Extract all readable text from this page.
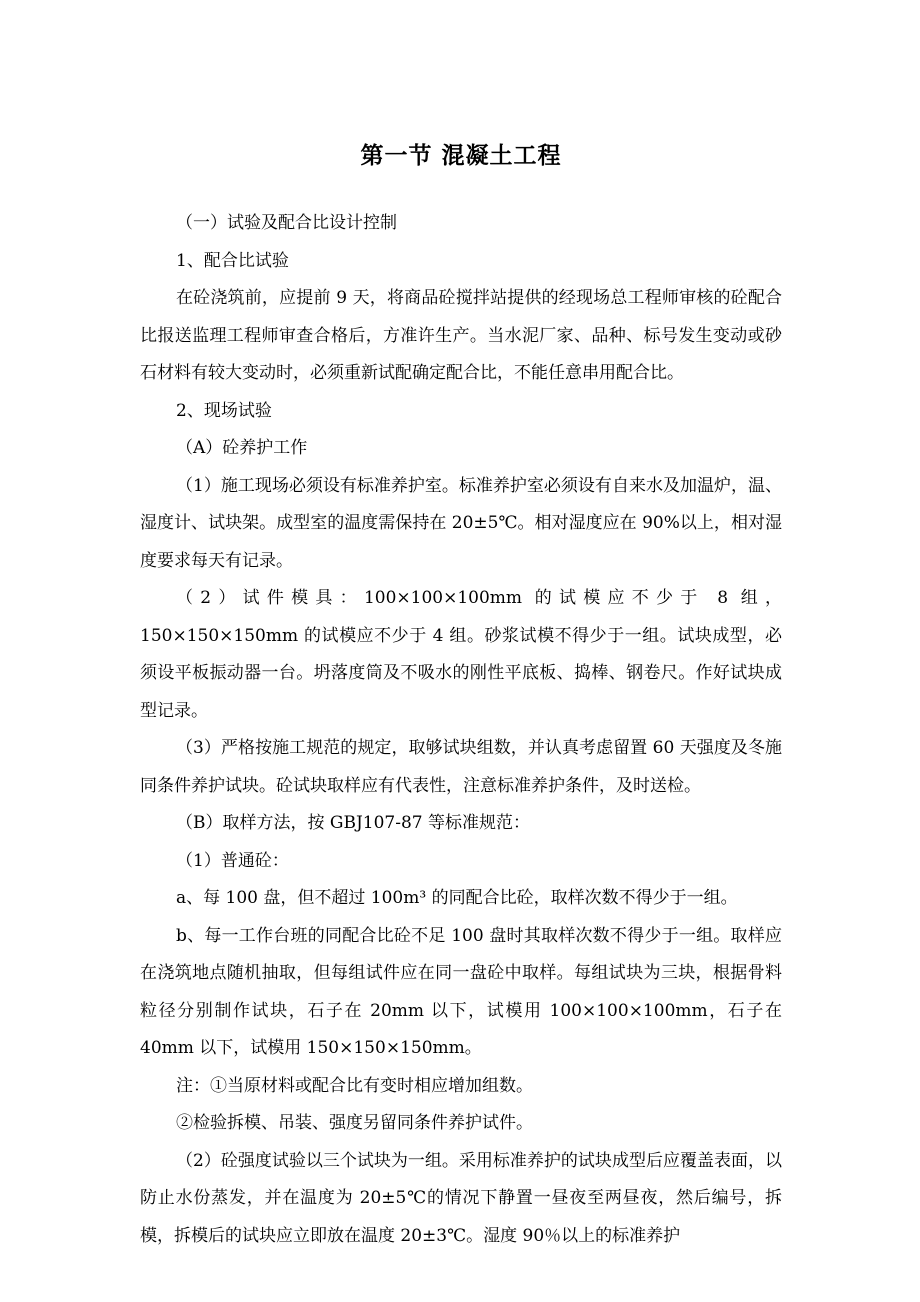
第一节 混凝土工程

（一）试验及配合比设计控制

1、配合比试验

在砼浇筑前，应提前 9 天，将商品砼搅拌站提供的经现场总工程师审核的砼配合比报送监理工程师审查合格后，方准许生产。当水泥厂家、品种、标号发生变动或砂石材料有较大变动时，必须重新试配确定配合比，不能任意串用配合比。

2、现场试验

（A）砼养护工作

（1）施工现场必须设有标准养护室。标准养护室必须设有自来水及加温炉，温、湿度计、试块架。成型室的温度需保持在 20±5℃。相对湿度应在 90%以上，相对湿度要求每天有记录。

（2）试件模具：100×100×100mm 的试模应不少于 8 组，150×150×150mm 的试模应不少于 4 组。砂浆试模不得少于一组。试块成型，必须设平板振动器一台。坍落度筒及不吸水的刚性平底板、捣棒、钢卷尺。作好试块成型记录。

（3）严格按施工规范的规定，取够试块组数，并认真考虑留置 60 天强度及冬施同条件养护试块。砼试块取样应有代表性，注意标准养护条件，及时送检。

（B）取样方法，按 GBJ107-87 等标准规范：

（1）普通砼：

a、每 100 盘，但不超过 100m³ 的同配合比砼，取样次数不得少于一组。

b、每一工作台班的同配合比砼不足 100 盘时其取样次数不得少于一组。取样应在浇筑地点随机抽取，但每组试件应在同一盘砼中取样。每组试块为三块，根据骨料粒径分别制作试块，石子在 20mm 以下，试模用 100×100×100mm，石子在 40mm 以下，试模用 150×150×150mm。

注：①当原材料或配合比有变时相应增加组数。

②检验拆模、吊装、强度另留同条件养护试件。

（2）砼强度试验以三个试块为一组。采用标准养护的试块成型后应覆盖表面，以防止水份蒸发，并在温度为 20±5℃的情况下静置一昼夜至两昼夜，然后编号，拆模，拆模后的试块应立即放在温度 20±3℃。湿度 90％以上的标准养护
